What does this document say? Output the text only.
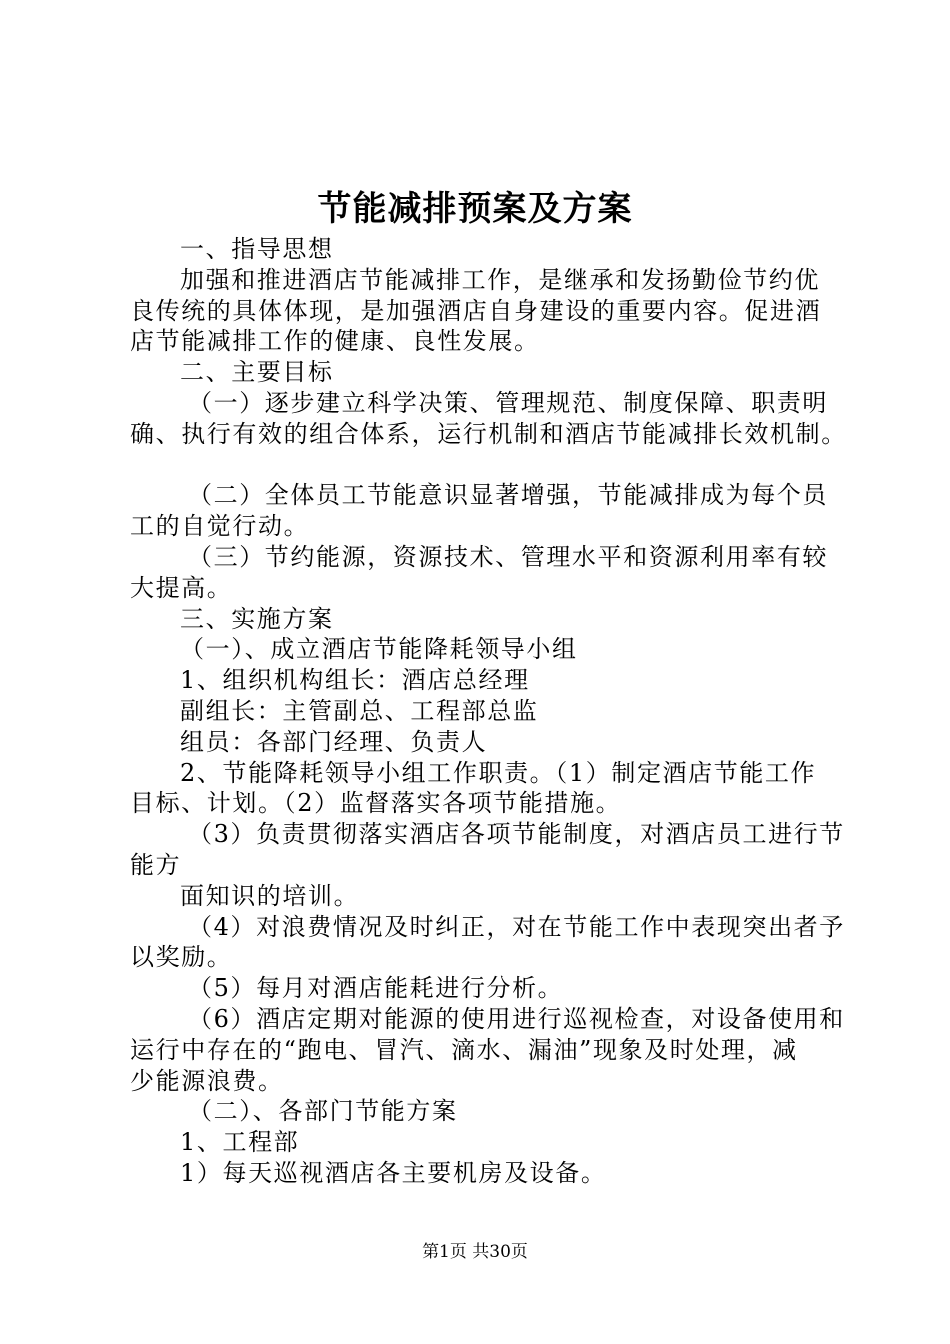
节能减排预案及方案
一、指导思想
加强和推进酒店节能减排工作，是继承和发扬勤俭节约优
良传统的具体体现，是加强酒店自身建设的重要内容。促进酒
店节能减排工作的健康、良性发展。
二、主要目标
（一）逐步建立科学决策、管理规范、制度保障、职责明
确、执行有效的组合体系，运行机制和酒店节能减排长效机制。
（二）全体员工节能意识显著增强，节能减排成为每个员
工的自觉行动。
（三）节约能源，资源技术、管理水平和资源利用率有较
大提高。
三、实施方案
（一）、成立酒店节能降耗领导小组
1、组织机构组长：酒店总经理
副组长：主管副总、工程部总监
组员：各部门经理、负责人
2、节能降耗领导小组工作职责。（1）制定酒店节能工作
目标、计划。（2）监督落实各项节能措施。
（3）负责贯彻落实酒店各项节能制度，对酒店员工进行节
能方
面知识的培训。
（4）对浪费情况及时纠正，对在节能工作中表现突出者予
以奖励。
（5）每月对酒店能耗进行分析。
（6）酒店定期对能源的使用进行巡视检查，对设备使用和
运行中存在的“跑电、冒汽、滴水、漏油”现象及时处理，减
少能源浪费。
（二）、各部门节能方案
1、工程部
1）每天巡视酒店各主要机房及设备。
第1页 共30页
